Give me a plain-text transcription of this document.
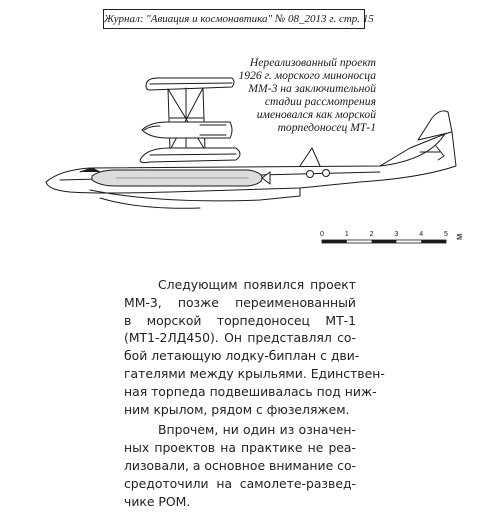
Журнал: "Авиация и космонавтика" № 08_2013 г. стр. 15
Нереализованный проект
1926 г. морского миноносца
ММ-3 на заключительной
стадии рассмотрения
именовался как морской
торпедоносец МТ-1
0	1	2	3	4	5 м

Следующим появился проект
ММ-3, позже переименованный
в морской торпедоносец МТ-1
(МТ1-2ЛД450). Он представлял со-
бой летающую лодку-биплан с дви-
гателями между крыльями. Единствен-
ная торпеда подвешивалась под ниж-
ним крылом, рядом с фюзеляжем.

Впрочем, ни один из означен-
ных проектов на практике не реа-
лизовали, а основное внимание со-
средоточили на самолете-развед-
чике РОМ.
